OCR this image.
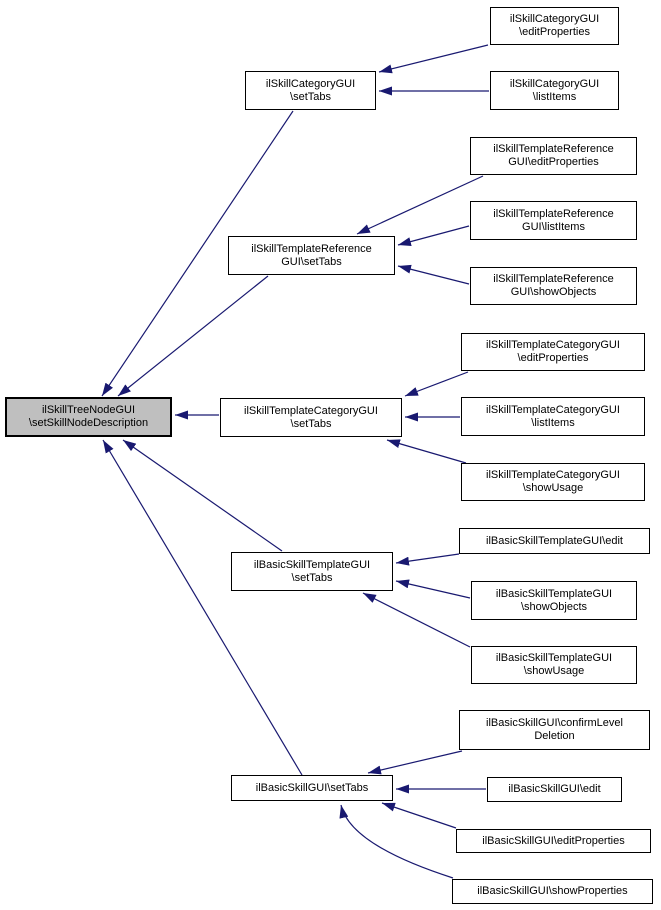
ilSkillTreeNodeGUI
\setSkillNodeDescription
ilSkillCategoryGUI
\setTabs
ilSkillCategoryGUI
\editProperties
ilSkillCategoryGUI
\listItems
ilSkillTemplateReference
GUI\setTabs
ilSkillTemplateReference
GUI\editProperties
ilSkillTemplateReference
GUI\listItems
ilSkillTemplateReference
GUI\showObjects
ilSkillTemplateCategoryGUI
\setTabs
ilSkillTemplateCategoryGUI
\editProperties
ilSkillTemplateCategoryGUI
\listItems
ilSkillTemplateCategoryGUI
\showUsage
ilBasicSkillTemplateGUI
\setTabs
ilBasicSkillTemplateGUI\edit
ilBasicSkillTemplateGUI
\showObjects
ilBasicSkillTemplateGUI
\showUsage
ilBasicSkillGUI\setTabs
ilBasicSkillGUI\confirmLevel
Deletion
ilBasicSkillGUI\edit
ilBasicSkillGUI\editProperties
ilBasicSkillGUI\showProperties
